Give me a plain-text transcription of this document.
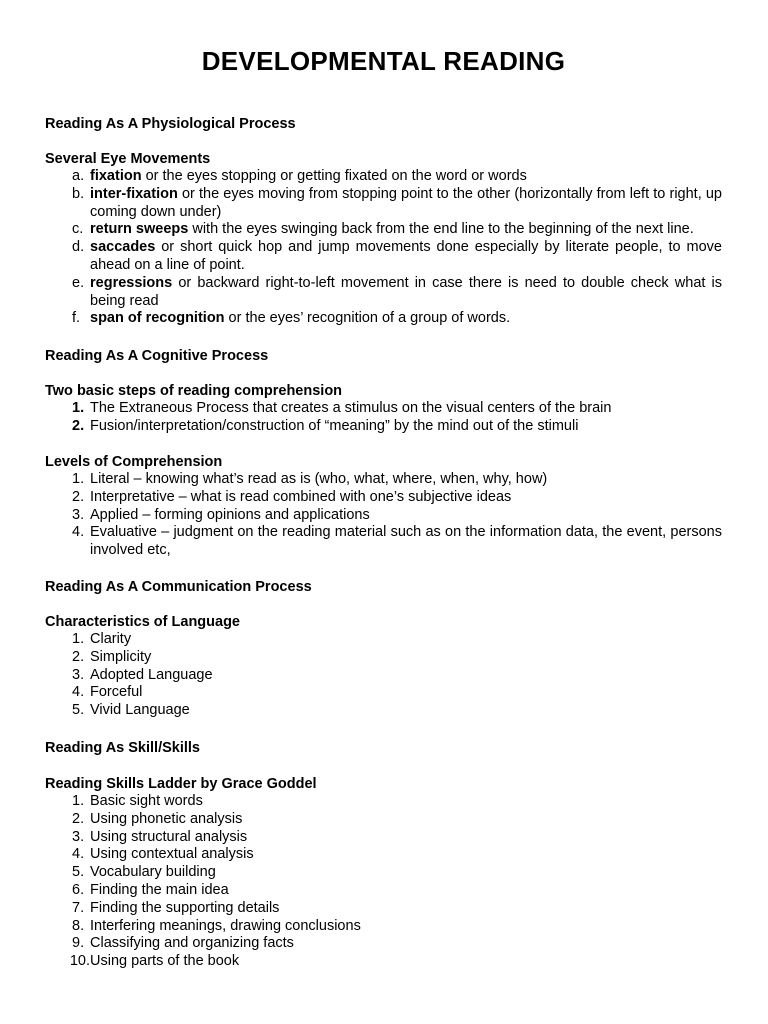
DEVELOPMENTAL READING
Reading As A Physiological Process
Several Eye Movements
a. fixation or the eyes stopping or getting fixated on the word or words
b. inter-fixation or the eyes moving from stopping point to the other (horizontally from left to right, up coming down under)
c. return sweeps with the eyes swinging back from the end line to the beginning of the next line.
d. saccades or short quick hop and jump movements done especially by literate people, to move ahead on a line of point.
e. regressions or backward right-to-left movement in case there is need to double check what is being read
f. span of recognition or the eyes’ recognition of a group of words.
Reading As A Cognitive Process
Two basic steps of reading comprehension
1. The Extraneous Process that creates a stimulus on the visual centers of the brain
2. Fusion/interpretation/construction of “meaning” by the mind out of the stimuli
Levels of Comprehension
1. Literal – knowing what’s read as is (who, what, where, when, why, how)
2. Interpretative – what is read combined with one’s subjective ideas
3. Applied – forming opinions and applications
4. Evaluative – judgment on the reading material such as on the information data, the event, persons involved etc,
Reading As A Communication Process
Characteristics of Language
1. Clarity
2. Simplicity
3. Adopted Language
4. Forceful
5. Vivid Language
Reading As Skill/Skills
Reading Skills Ladder by Grace Goddel
1. Basic sight words
2. Using phonetic analysis
3. Using structural analysis
4. Using contextual analysis
5. Vocabulary building
6. Finding the main idea
7. Finding the supporting details
8. Interfering meanings, drawing conclusions
9. Classifying and organizing facts
10. Using parts of the book
